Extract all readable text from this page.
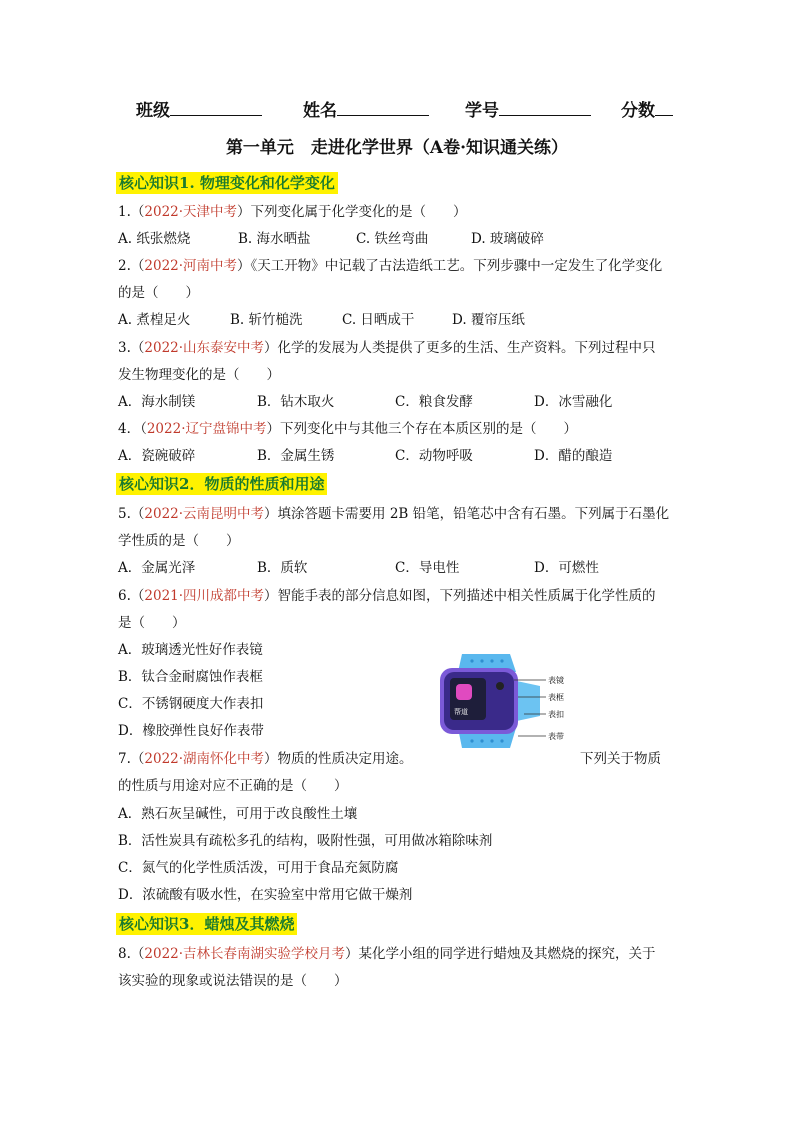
班级	姓名	学号	分数
第一单元　走进化学世界（A卷·知识通关练）
核心知识1. 物理变化和化学变化
1.（2022·天津中考）下列变化属于化学变化的是（　　）
A. 纸张燃烧	B. 海水晒盐	C. 铁丝弯曲	D. 玻璃破碎
2.（2022·河南中考）《天工开物》中记载了古法造纸工艺。下列步骤中一定发生了化学变化
的是（　　）
A. 煮楻足火	B. 斩竹槌洗	C. 日晒成干	D. 覆帘压纸
3.（2022·山东泰安中考）化学的发展为人类提供了更多的生活、生产资料。下列过程中只
发生物理变化的是（　　）
A．海水制镁	B．钻木取火	C．粮食发酵	D．冰雪融化
4．（2022·辽宁盘锦中考）下列变化中与其他三个存在本质区别的是（　　）
A．瓷碗破碎	B．金属生锈	C．动物呼吸	D．醋的酿造
核心知识2．物质的性质和用途
5.（2022·云南昆明中考）填涂答题卡需要用 2B 铅笔，铅笔芯中含有石墨。下列属于石墨化
学性质的是（　　）
A．金属光泽	B．质软	C．导电性	D．可燃性
6.（2021·四川成都中考）智能手表的部分信息如图，下列描述中相关性质属于化学性质的
是（　　）
A．玻璃透光性好作表镜
B．钛合金耐腐蚀作表框
C．不锈钢硬度大作表扣
D．橡胶弹性良好作表带
帮道
表镜
表框
表扣
表带
7.（2022·湖南怀化中考）物质的性质决定用途。	下列关于物质
的性质与用途对应不正确的是（　　）
A．熟石灰呈碱性，可用于改良酸性土壤
B．活性炭具有疏松多孔的结构，吸附性强，可用做冰箱除味剂
C．氮气的化学性质活泼，可用于食品充氮防腐
D．浓硫酸有吸水性，在实验室中常用它做干燥剂
核心知识3．蜡烛及其燃烧
8.（2022·吉林长春南湖实验学校月考）某化学小组的同学进行蜡烛及其燃烧的探究，关于
该实验的现象或说法错误的是（　　）
